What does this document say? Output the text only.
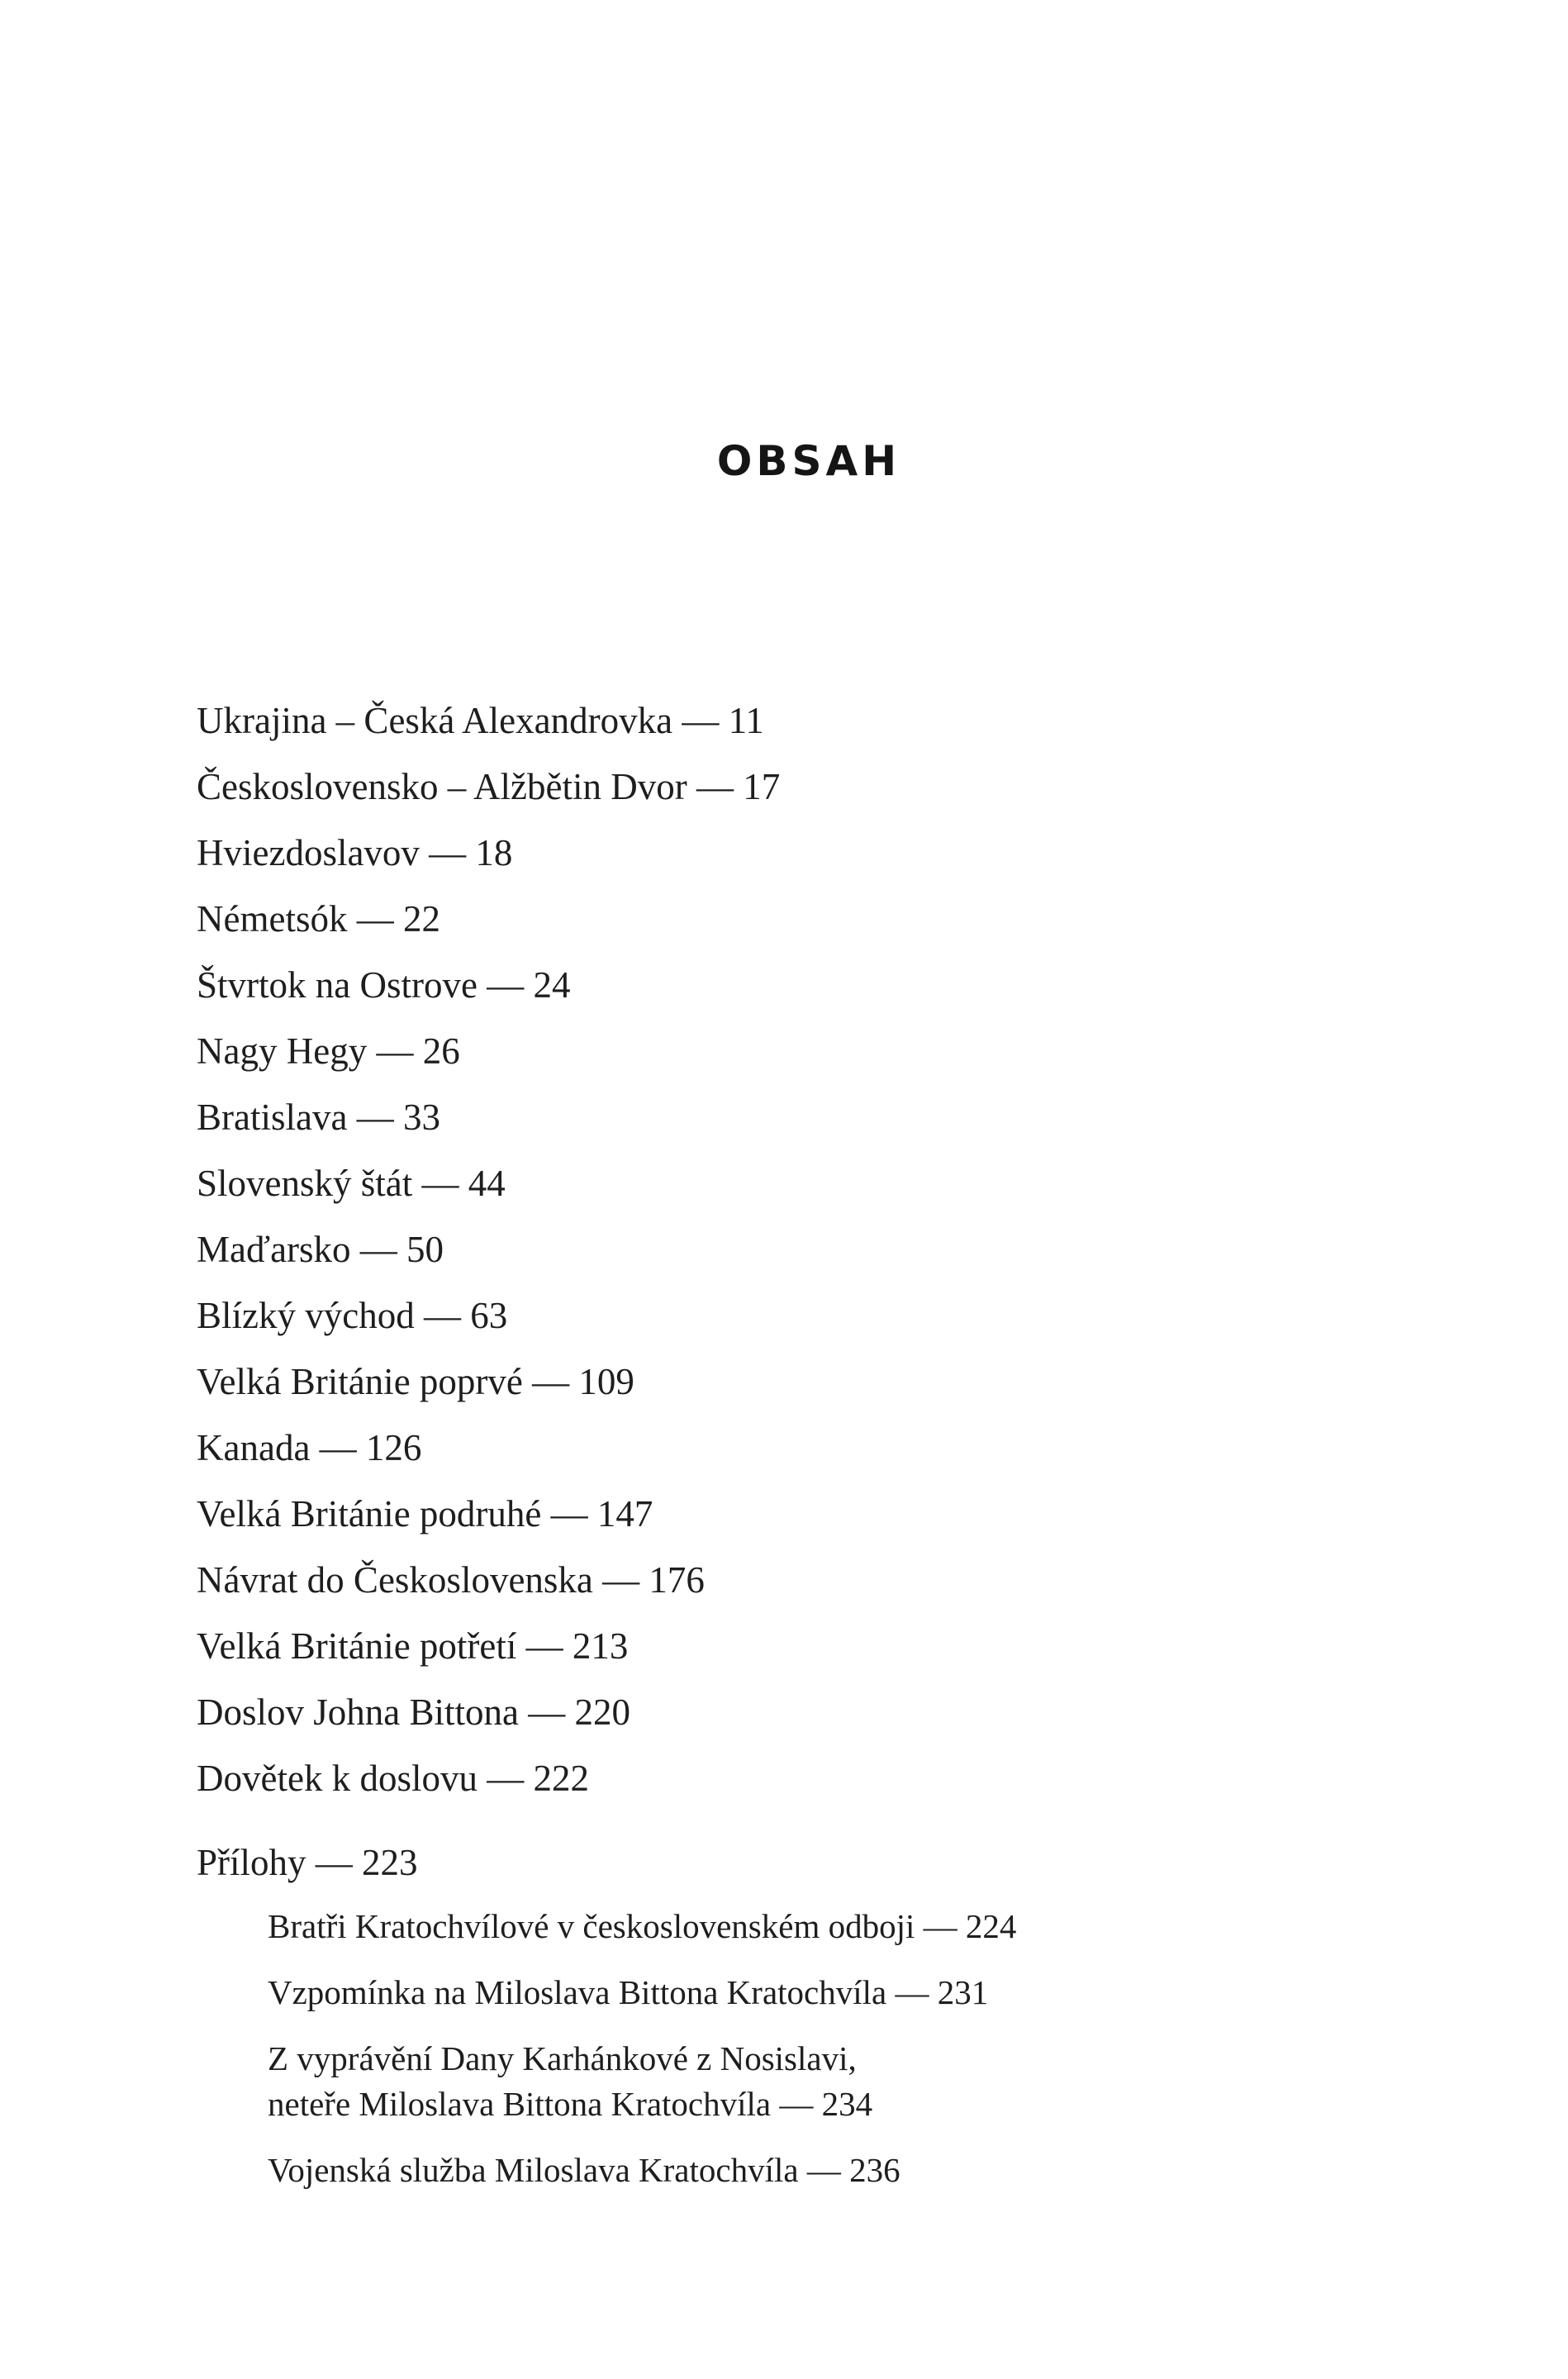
OBSAH
Ukrajina – Česká Alexandrovka — 11
Československo – Alžbětin Dvor — 17
Hviezdoslavov — 18
Németsók — 22
Štvrtok na Ostrove — 24
Nagy Hegy — 26
Bratislava — 33
Slovenský štát — 44
Maďarsko — 50
Blízký východ — 63
Velká Británie poprvé — 109
Kanada — 126
Velká Británie podruhé — 147
Návrat do Československa — 176
Velká Británie potřetí — 213
Doslov Johna Bittona — 220
Dovětek k doslovu — 222
Přílohy — 223
Bratři Kratochvílové v československém odboji — 224
Vzpomínka na Miloslava Bittona Kratochvíla — 231
Z vyprávění Dany Karhánkové z Nosislavi,
neteře Miloslava Bittona Kratochvíla — 234
Vojenská služba Miloslava Kratochvíla — 236
